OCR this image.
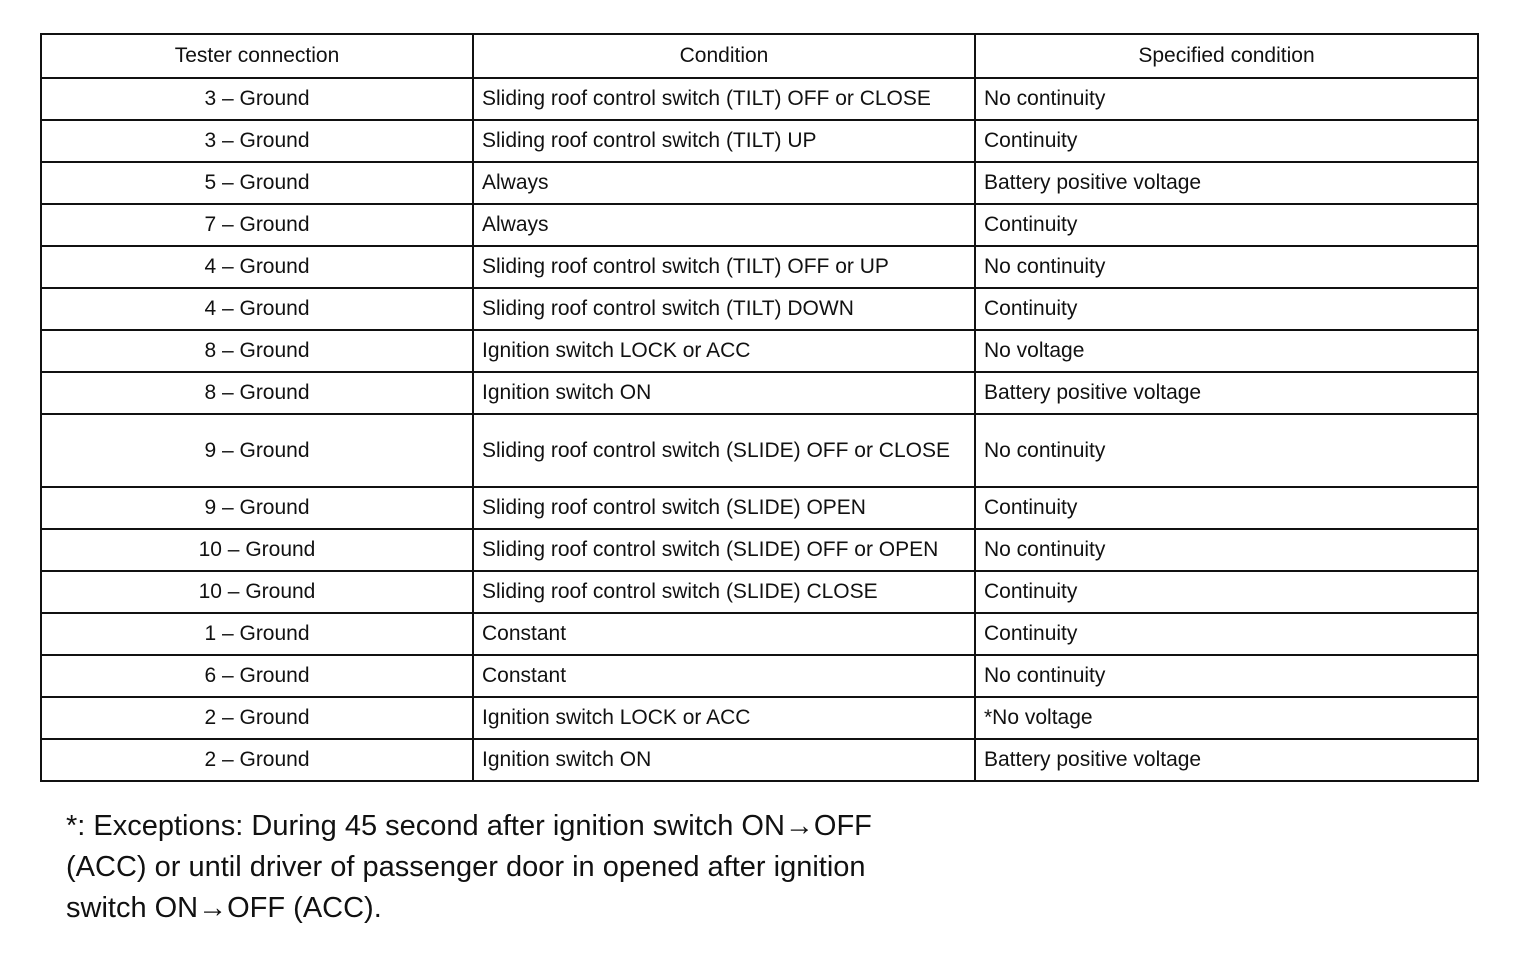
Tester connection	Condition	Specified condition
3 – Ground	Sliding roof control switch (TILT) OFF or CLOSE	No continuity
3 – Ground	Sliding roof control switch (TILT) UP	Continuity
5 – Ground	Always	Battery positive voltage
7 – Ground	Always	Continuity
4 – Ground	Sliding roof control switch (TILT) OFF or UP	No continuity
4 – Ground	Sliding roof control switch (TILT) DOWN	Continuity
8 – Ground	Ignition switch LOCK or ACC	No voltage
8 – Ground	Ignition switch ON	Battery positive voltage
9 – Ground	Sliding roof control switch (SLIDE) OFF or CLOSE	No continuity
9 – Ground	Sliding roof control switch (SLIDE) OPEN	Continuity
10 – Ground	Sliding roof control switch (SLIDE) OFF or OPEN	No continuity
10 – Ground	Sliding roof control switch (SLIDE) CLOSE	Continuity
1 – Ground	Constant	Continuity
6 – Ground	Constant	No continuity
2 – Ground	Ignition switch LOCK or ACC	*No voltage
2 – Ground	Ignition switch ON	Battery positive voltage
*: Exceptions: During 45 second after ignition switch ON→OFF
(ACC) or until driver of passenger door in opened after ignition
switch ON→OFF (ACC).
